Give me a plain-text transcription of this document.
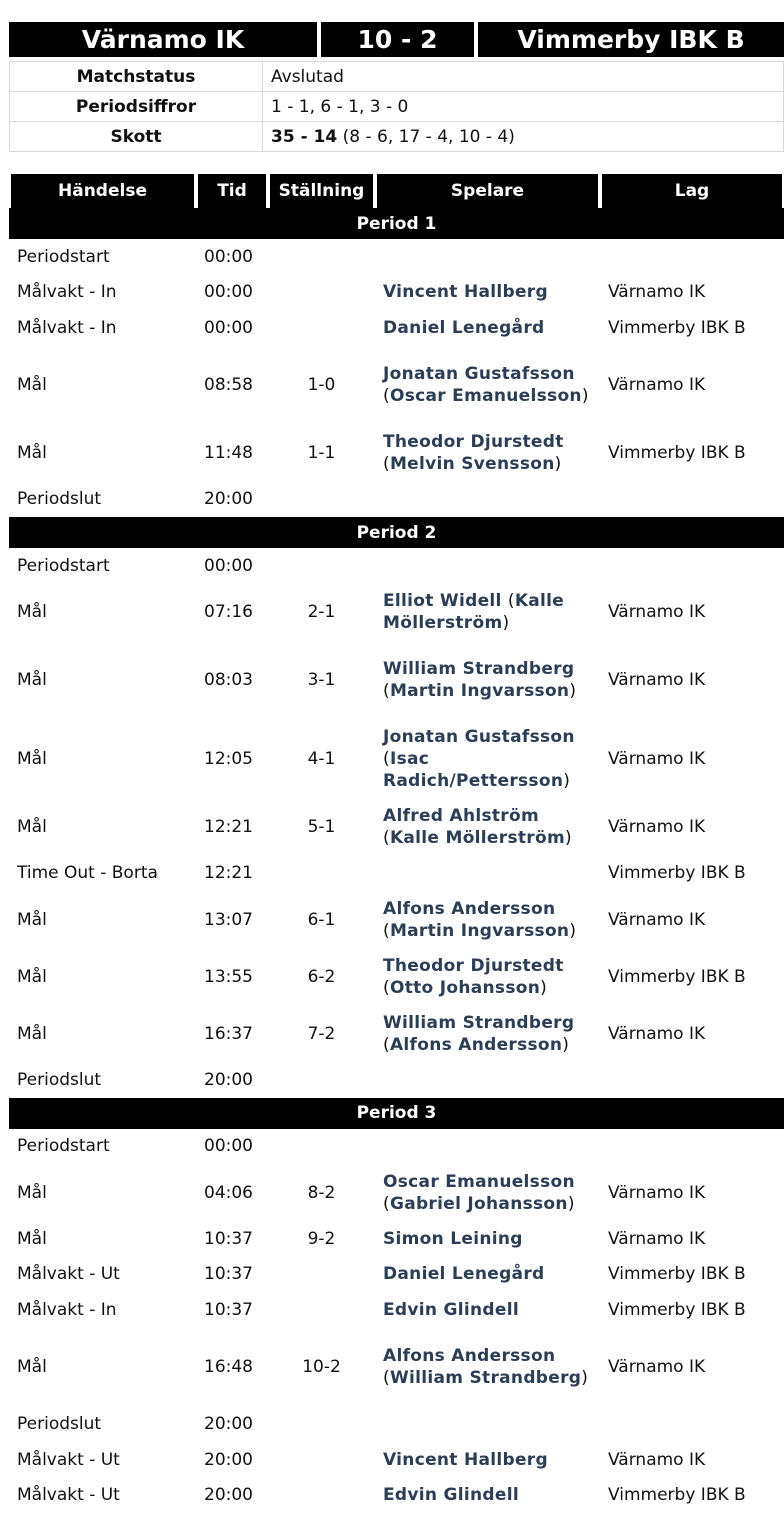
Värnamo IK	10 - 2	Vimmerby IBK B
Matchstatus	Avslutad
Periodsiffror	1 - 1, 6 - 1, 3 - 0
Skott	35 - 14 (8 - 6, 17 - 4, 10 - 4)
Händelse	Tid	Ställning	Spelare	Lag
Period 1				
Periodstart	00:00			
Målvakt - In	00:00		Vincent Hallberg	Värnamo IK
Målvakt - In	00:00		Daniel Lenegård	Vimmerby IBK B
Mål	08:58	1-0	Jonatan Gustafsson (Oscar Emanuelsson)	Värnamo IK
Mål	11:48	1-1	Theodor Djurstedt (Melvin Svensson)	Vimmerby IBK B
Periodslut	20:00			
Period 2				
Periodstart	00:00			
Mål	07:16	2-1	Elliot Widell (Kalle Möllerström)	Värnamo IK
Mål	08:03	3-1	William Strandberg (Martin Ingvarsson)	Värnamo IK
Mål	12:05	4-1	Jonatan Gustafsson (Isac Radich/Pettersson)	Värnamo IK
Mål	12:21	5-1	Alfred Ahlström (Kalle Möllerström)	Värnamo IK
Time Out - Borta	12:21			Vimmerby IBK B
Mål	13:07	6-1	Alfons Andersson (Martin Ingvarsson)	Värnamo IK
Mål	13:55	6-2	Theodor Djurstedt (Otto Johansson)	Vimmerby IBK B
Mål	16:37	7-2	William Strandberg (Alfons Andersson)	Värnamo IK
Periodslut	20:00			
Period 3				
Periodstart	00:00			
Mål	04:06	8-2	Oscar Emanuelsson (Gabriel Johansson)	Värnamo IK
Mål	10:37	9-2	Simon Leining	Värnamo IK
Målvakt - Ut	10:37		Daniel Lenegård	Vimmerby IBK B
Målvakt - In	10:37		Edvin Glindell	Vimmerby IBK B
Mål	16:48	10-2	Alfons Andersson (William Strandberg)	Värnamo IK
Periodslut	20:00			
Målvakt - Ut	20:00		Vincent Hallberg	Värnamo IK
Målvakt - Ut	20:00		Edvin Glindell	Vimmerby IBK B
